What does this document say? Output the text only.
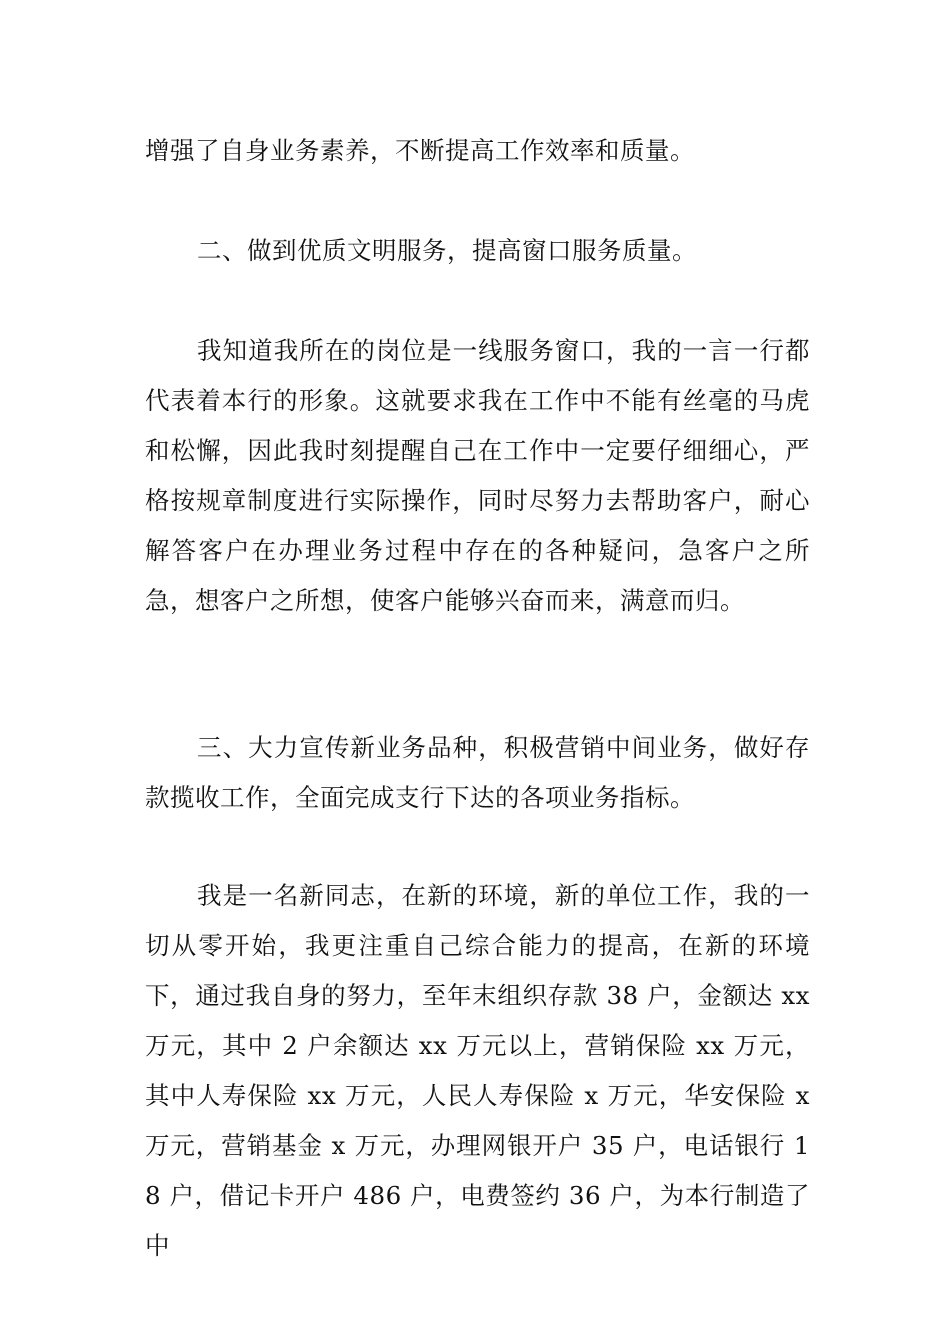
增强了自身业务素养，不断提高工作效率和质量。

二、做到优质文明服务，提高窗口服务质量。

我知道我所在的岗位是一线服务窗口，我的一言一行都代表着本行的形象。这就要求我在工作中不能有丝毫的马虎和松懈，因此我时刻提醒自己在工作中一定要仔细细心，严格按规章制度进行实际操作，同时尽努力去帮助客户，耐心解答客户在办理业务过程中存在的各种疑问，急客户之所急，想客户之所想，使客户能够兴奋而来，满意而归。

三、大力宣传新业务品种，积极营销中间业务，做好存款揽收工作，全面完成支行下达的各项业务指标。

我是一名新同志，在新的环境，新的单位工作，我的一切从零开始，我更注重自己综合能力的提高，在新的环境下，通过我自身的努力，至年末组织存款 38 户，金额达 xx 万元，其中 2 户余额达 xx 万元以上，营销保险 xx 万元，其中人寿保险 xx 万元，人民人寿保险 x 万元，华安保险 x 万元，营销基金 x 万元，办理网银开户 35 户，电话银行 18 户，借记卡开户 486 户，电费签约 36 户，为本行制造了中
